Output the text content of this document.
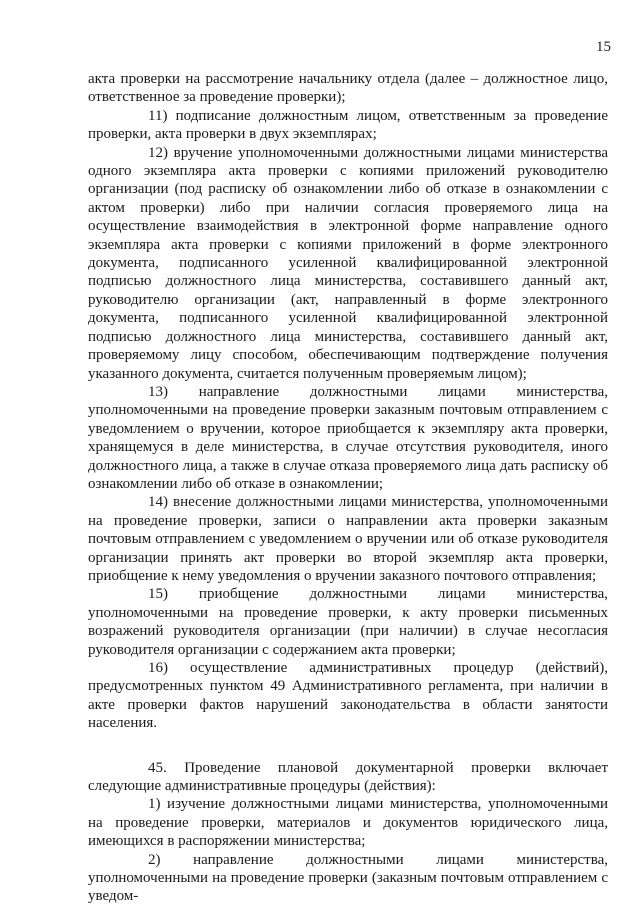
15

акта проверки на рассмотрение начальнику отдела (далее – должностное лицо, ответственное за проведение проверки);

11) подписание должностным лицом, ответственным за проведение проверки, акта проверки в двух экземплярах;

12) вручение уполномоченными должностными лицами министерства одного экземпляра акта проверки с копиями приложений руководителю организации (под расписку об ознакомлении либо об отказе в ознакомлении с актом проверки) либо при наличии согласия проверяемого лица на осуществление взаимодействия в электронной форме направление одного экземпляра акта проверки с копиями приложений в форме электронного документа, подписанного усиленной квалифицированной электронной подписью должностного лица министерства, составившего данный акт, руководителю организации (акт, направленный в форме электронного документа, подписанного усиленной квалифицированной электронной подписью должностного лица министерства, составившего данный акт, проверяемому лицу способом, обеспечивающим подтверждение получения указанного документа, считается полученным проверяемым лицом);

13) направление должностными лицами министерства, уполномоченными на проведение проверки заказным почтовым отправлением с уведомлением о вручении, которое приобщается к экземпляру акта проверки, хранящемуся в деле министерства, в случае отсутствия руководителя, иного должностного лица, а также в случае отказа проверяемого лица дать расписку об ознакомлении либо об отказе в ознакомлении;

14) внесение должностными лицами министерства, уполномоченными на проведение проверки, записи о направлении акта проверки заказным почтовым отправлением с уведомлением о вручении или об отказе руководителя организации принять акт проверки во второй экземпляр акта проверки, приобщение к нему уведомления о вручении заказного почтового отправления;

15) приобщение должностными лицами министерства, уполномоченными на проведение проверки, к акту проверки письменных возражений руководителя организации (при наличии) в случае несогласия руководителя организации с содержанием акта проверки;

16) осуществление административных процедур (действий), предусмотренных пунктом 49 Административного регламента, при наличии в акте проверки фактов нарушений законодательства в области занятости населения.

45. Проведение плановой документарной проверки включает следующие административные процедуры (действия):

1) изучение должностными лицами министерства, уполномоченными на проведение проверки, материалов и документов юридического лица, имеющихся в распоряжении министерства;

2) направление должностными лицами министерства, уполномоченными на проведение проверки (заказным почтовым отправлением с уведом-
